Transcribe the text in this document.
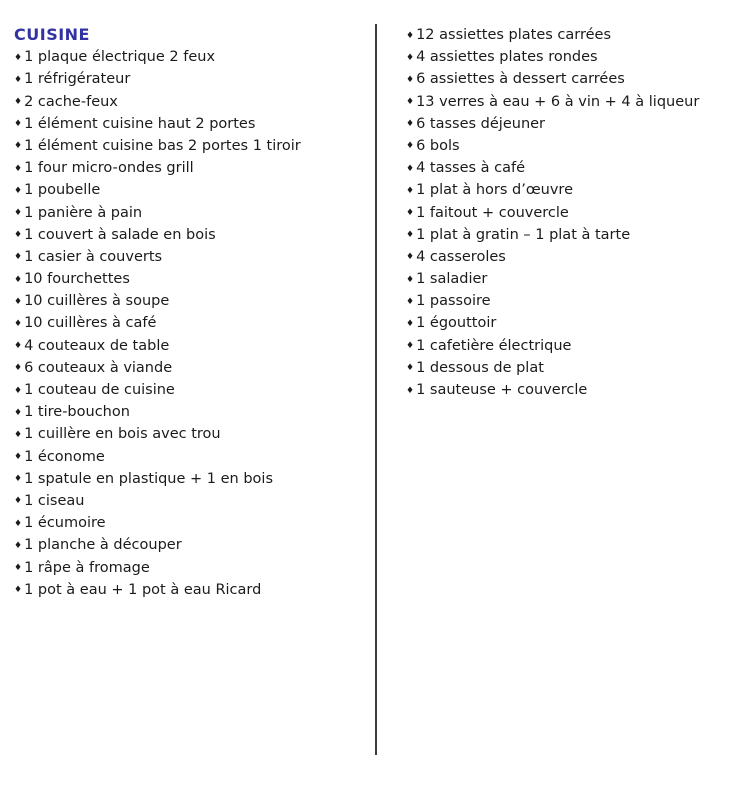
CUISINE
♦ 1 plaque électrique 2 feux
♦ 1 réfrigérateur
♦ 2 cache-feux
♦ 1 élément cuisine haut 2 portes
♦ 1 élément cuisine bas 2 portes 1 tiroir
♦ 1 four micro-ondes grill
♦ 1 poubelle
♦ 1 panière à pain
♦ 1 couvert à salade en bois
♦ 1 casier à couverts
♦ 10 fourchettes
♦ 10 cuillères à soupe
♦ 10 cuillères à café
♦ 4 couteaux de table
♦ 6 couteaux à viande
♦ 1 couteau de cuisine
♦ 1 tire-bouchon
♦ 1 cuillère en bois avec trou
♦ 1 économe
♦ 1 spatule en plastique + 1 en bois
♦ 1 ciseau
♦ 1 écumoire
♦ 1 planche à découper
♦ 1 râpe à fromage
♦ 1 pot à eau + 1 pot à eau Ricard
♦ 12 assiettes plates carrées
♦ 4 assiettes plates rondes
♦ 6 assiettes à dessert carrées
♦ 13 verres à eau + 6 à vin + 4 à liqueur
♦ 6 tasses déjeuner
♦ 6 bols
♦ 4 tasses à café
♦ 1 plat à hors d’œuvre
♦ 1 faitout + couvercle
♦ 1 plat à gratin – 1 plat à tarte
♦ 4 casseroles
♦ 1 saladier
♦ 1 passoire
♦ 1 égouttoir
♦ 1 cafetière électrique
♦ 1 dessous de plat
♦ 1 sauteuse + couvercle
